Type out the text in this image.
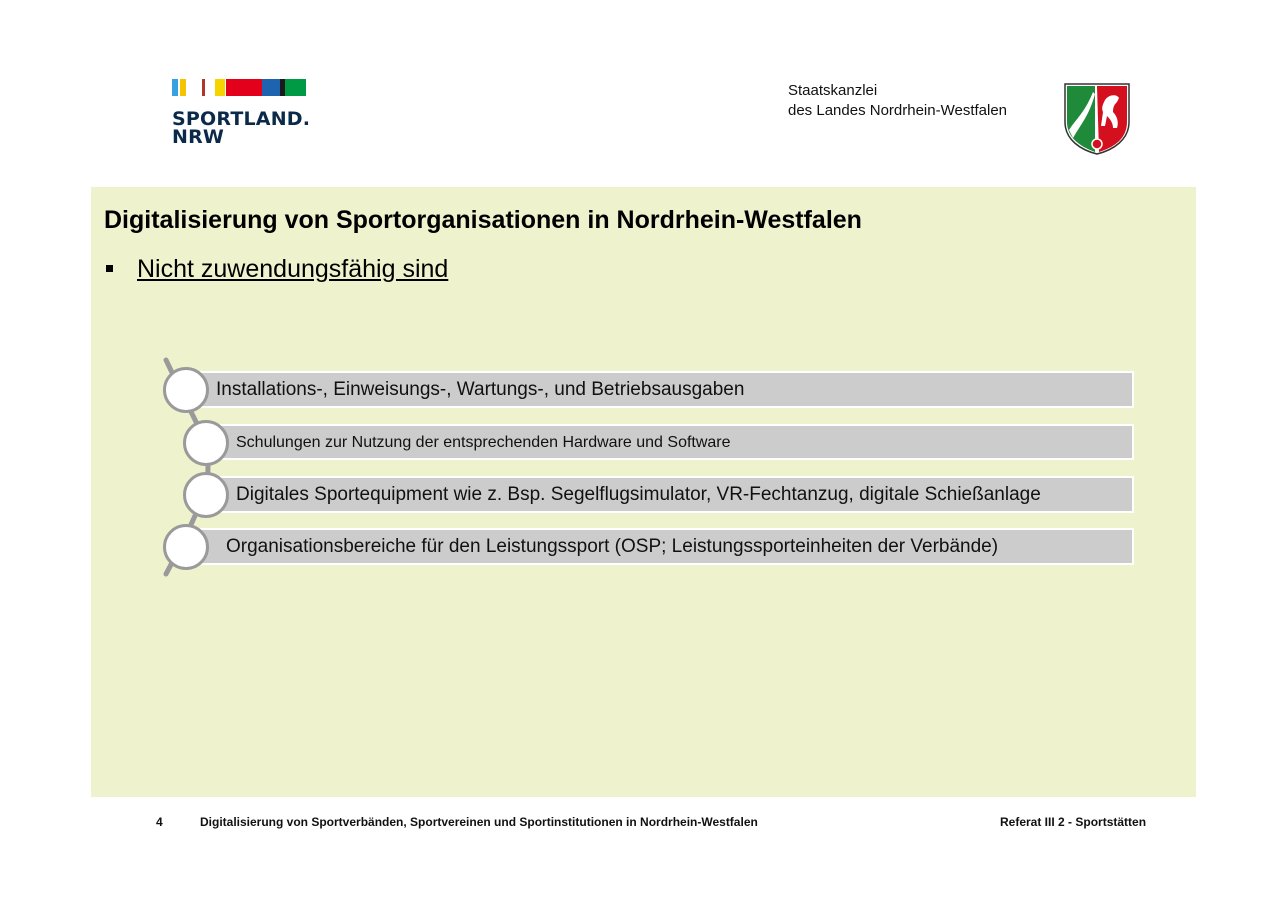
SPORTLAND.
NRW
Staatskanzlei
des Landes Nordrhein-Westfalen
Digitalisierung von Sportorganisationen in Nordrhein-Westfalen
Nicht zuwendungsfähig sind
Installations-, Einweisungs-, Wartungs-, und Betriebsausgaben
Schulungen zur Nutzung der entsprechenden Hardware und Software
Digitales Sportequipment wie z. Bsp. Segelflugsimulator, VR-Fechtanzug, digitale Schießanlage
Organisationsbereiche für den Leistungssport (OSP; Leistungssporteinheiten der Verbände)
4	Digitalisierung von Sportverbänden, Sportvereinen und Sportinstitutionen in Nordrhein-Westfalen	Referat III 2 - Sportstätten
